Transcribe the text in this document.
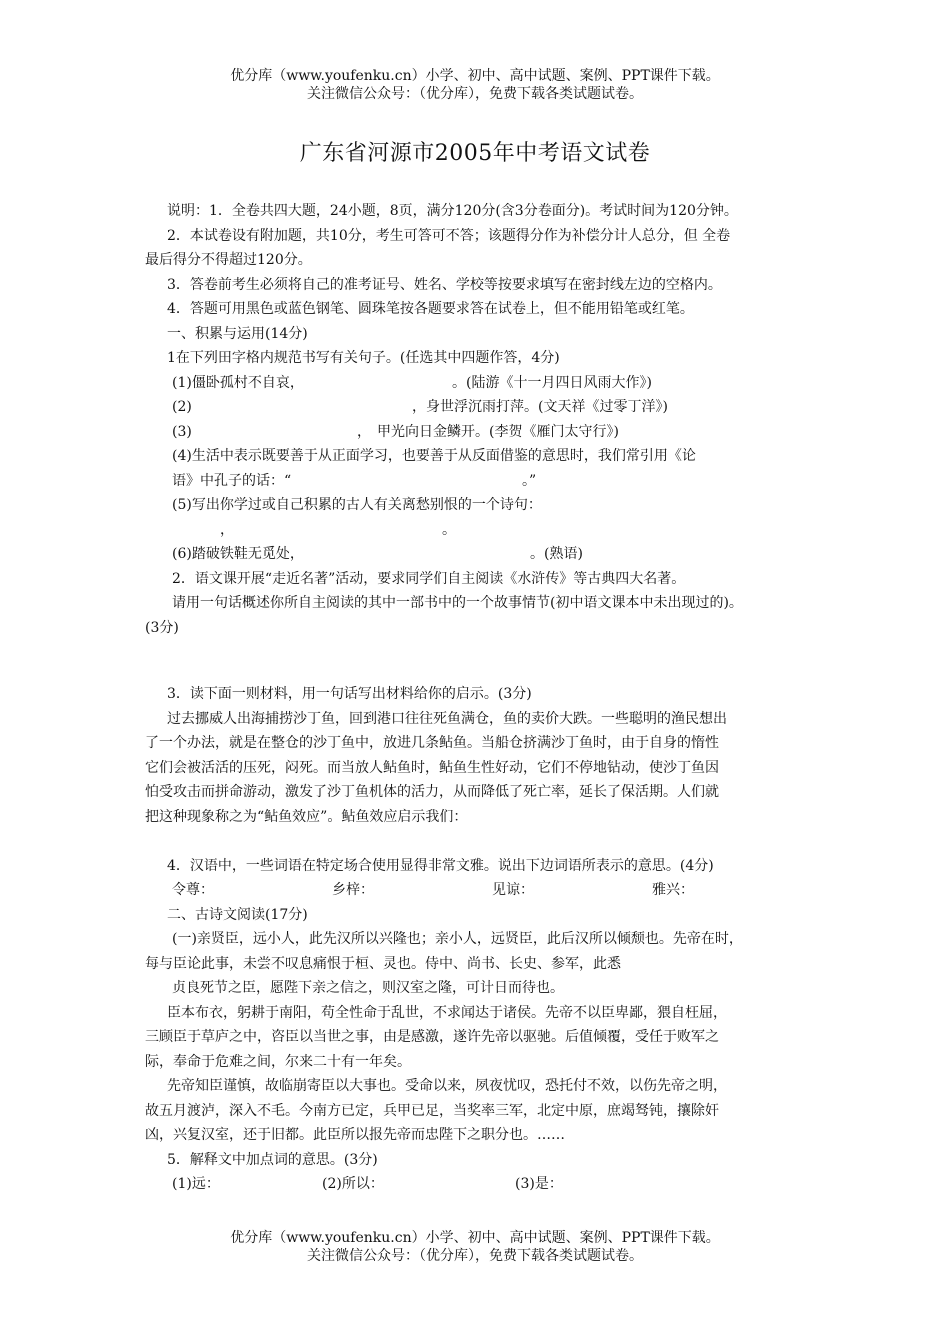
优分库（www.youfenku.cn）小学、初中、高中试题、案例、PPT课件下载。
关注微信公众号：（优分库），免费下载各类试题试卷。
广东省河源市2005年中考语文试卷
说明：1．全卷共四大题，24小题，8页，满分120分(含3分卷面分)。考试时间为120分钟。
2．本试卷设有附加题，共10分，考生可答可不答；该题得分作为补偿分计人总分，但 全卷
最后得分不得超过120分。
3．答卷前考生必须将自己的准考证号、姓名、学校等按要求填写在密封线左边的空格内。
4．答题可用黑色或蓝色钢笔、圆珠笔按各题要求答在试卷上，但不能用铅笔或红笔。
一、积累与运用(14分)
1在下列田字格内规范书写有关句子。(任选其中四题作答，4分)
(1)僵卧孤村不自哀，	。(陆游《十一月四日风雨大作》)
(2)	，身世浮沉雨打萍。(文天祥《过零丁洋》)
(3)	， 甲光向日金鳞开。(李贺《雁门太守行》)
(4)生活中表示既要善于从正面学习，也要善于从反面借鉴的意思时，我们常引用《论
语》中孔子的话：“	。”
(5)写出你学过或自己积累的古人有关离愁别恨的一个诗句：
，	。
(6)踏破铁鞋无觅处，	。(熟语)
2．语文课开展“走近名著”活动，要求同学们自主阅读《水浒传》等古典四大名著。
请用一句话概述你所自主阅读的其中一部书中的一个故事情节(初中语文课本中未出现过的)。
(3分)
3．读下面一则材料，用一句话写出材料给你的启示。(3分)
过去挪威人出海捕捞沙丁鱼，回到港口往往死鱼满仓，鱼的卖价大跌。一些聪明的渔民想出
了一个办法，就是在整仓的沙丁鱼中，放进几条鲇鱼。当船仓挤满沙丁鱼时，由于自身的惰性
它们会被活活的压死，闷死。而当放人鲇鱼时，鲇鱼生性好动，它们不停地钻动，使沙丁鱼因
怕受攻击而拼命游动，激发了沙丁鱼机体的活力，从而降低了死亡率，延长了保活期。人们就
把这种现象称之为“鲇鱼效应”。鲇鱼效应启示我们：
4．汉语中，一些词语在特定场合使用显得非常文雅。说出下边词语所表示的意思。(4分)
令尊：	乡梓：	见谅：	雅兴：
二、古诗文阅读(17分)
(一)亲贤臣，远小人，此先汉所以兴隆也；亲小人，远贤臣，此后汉所以倾颓也。先帝在时，
每与臣论此事，未尝不叹息痛恨于桓、灵也。侍中、尚书、长史、参军，此悉
贞良死节之臣，愿陛下亲之信之，则汉室之隆，可计日而待也。
臣本布衣，躬耕于南阳，苟全性命于乱世，不求闻达于诸侯。先帝不以臣卑鄙，猥自枉屈，
三顾臣于草庐之中，咨臣以当世之事，由是感激，遂许先帝以驱驰。后值倾覆，受任于败军之
际，奉命于危难之间，尔来二十有一年矣。
先帝知臣谨慎，故临崩寄臣以大事也。受命以来，夙夜忧叹，恐托付不效，以伤先帝之明，
故五月渡泸，深入不毛。今南方已定，兵甲已足，当奖率三军，北定中原，庶竭驽钝，攘除奸
凶，兴复汉室，还于旧都。此臣所以报先帝而忠陛下之职分也。……
5．解释文中加点词的意思。(3分)
(1)远：	(2)所以：	(3)是：
优分库（www.youfenku.cn）小学、初中、高中试题、案例、PPT课件下载。
关注微信公众号：（优分库），免费下载各类试题试卷。
